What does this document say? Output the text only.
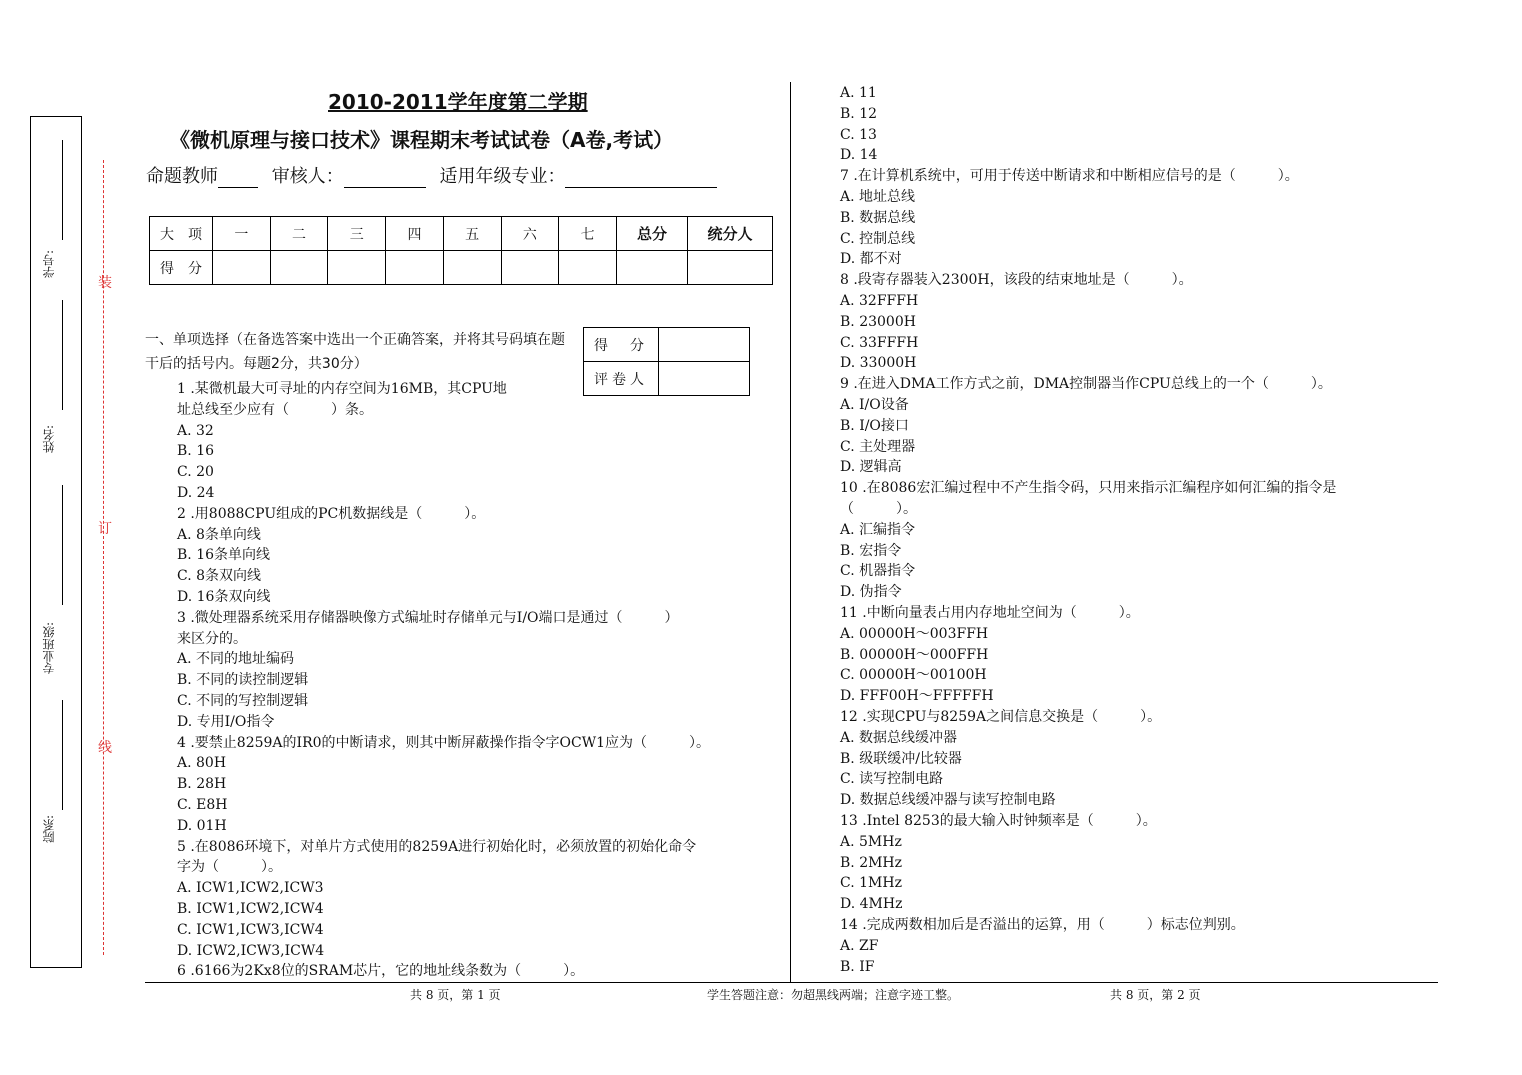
学号:
姓名:
专业班级:
院系:
装
订
线
2010-2011学年度第二学期
《微机原理与接口技术》课程期末考试试卷（A卷,考试）
命题教师	审核人：	适用年级专业：
大　项	一	二	三	四	五	六	七	总分	统分人
得　分									
一、单项选择（在备选答案中选出一个正确答案，并将其号码填在题干后的括号内。每题2分，共30分）
得　分	
评卷人	
1 .某微机最大可寻址的内存空间为16MB，其CPU地
址总线至少应有（　　　）条。
A. 32
B. 16
C. 20
D. 24
2 .用8088CPU组成的PC机数据线是（　　　）。
A. 8条单向线
B. 16条单向线
C. 8条双向线
D. 16条双向线
3 .微处理器系统采用存储器映像方式编址时存储单元与I/O端口是通过（　　　）
来区分的。
A. 不同的地址编码
B. 不同的读控制逻辑
C. 不同的写控制逻辑
D. 专用I/O指令
4 .要禁止8259A的IR0的中断请求，则其中断屏蔽操作指令字OCW1应为（　　　）。
A. 80H
B. 28H
C. E8H
D. 01H
5 .在8086环境下，对单片方式使用的8259A进行初始化时，必须放置的初始化命令
字为（　　　）。
A. ICW1,ICW2,ICW3
B. ICW1,ICW2,ICW4
C. ICW1,ICW3,ICW4
D. ICW2,ICW3,ICW4
6 .6166为2Kx8位的SRAM芯片，它的地址线条数为（　　　）。
A. 11
B. 12
C. 13
D. 14
7 .在计算机系统中，可用于传送中断请求和中断相应信号的是（　　　）。
A. 地址总线
B. 数据总线
C. 控制总线
D. 都不对
8 .段寄存器装入2300H，该段的结束地址是（　　　）。
A. 32FFFH
B. 23000H
C. 33FFFH
D. 33000H
9 .在进入DMA工作方式之前，DMA控制器当作CPU总线上的一个（　　　）。
A. I/O设备
B. I/O接口
C. 主处理器
D. 逻辑高
10 .在8086宏汇编过程中不产生指令码，只用来指示汇编程序如何汇编的指令是
（　　　）。
A. 汇编指令
B. 宏指令
C. 机器指令
D. 伪指令
11 .中断向量表占用内存地址空间为（　　　）。
A. 00000H～003FFH
B. 00000H～000FFH
C. 00000H～00100H
D. FFF00H～FFFFFH
12 .实现CPU与8259A之间信息交换是（　　　）。
A. 数据总线缓冲器
B. 级联缓冲/比较器
C. 读写控制电路
D. 数据总线缓冲器与读写控制电路
13 .Intel 8253的最大输入时钟频率是（　　　）。
A. 5MHz
B. 2MHz
C. 1MHz
D. 4MHz
14 .完成两数相加后是否溢出的运算，用（　　　）标志位判别。
A. ZF
B. IF
共 8 页，第 1 页	学生答题注意：勿超黑线两端；注意字迹工整。	共 8 页，第 2 页
